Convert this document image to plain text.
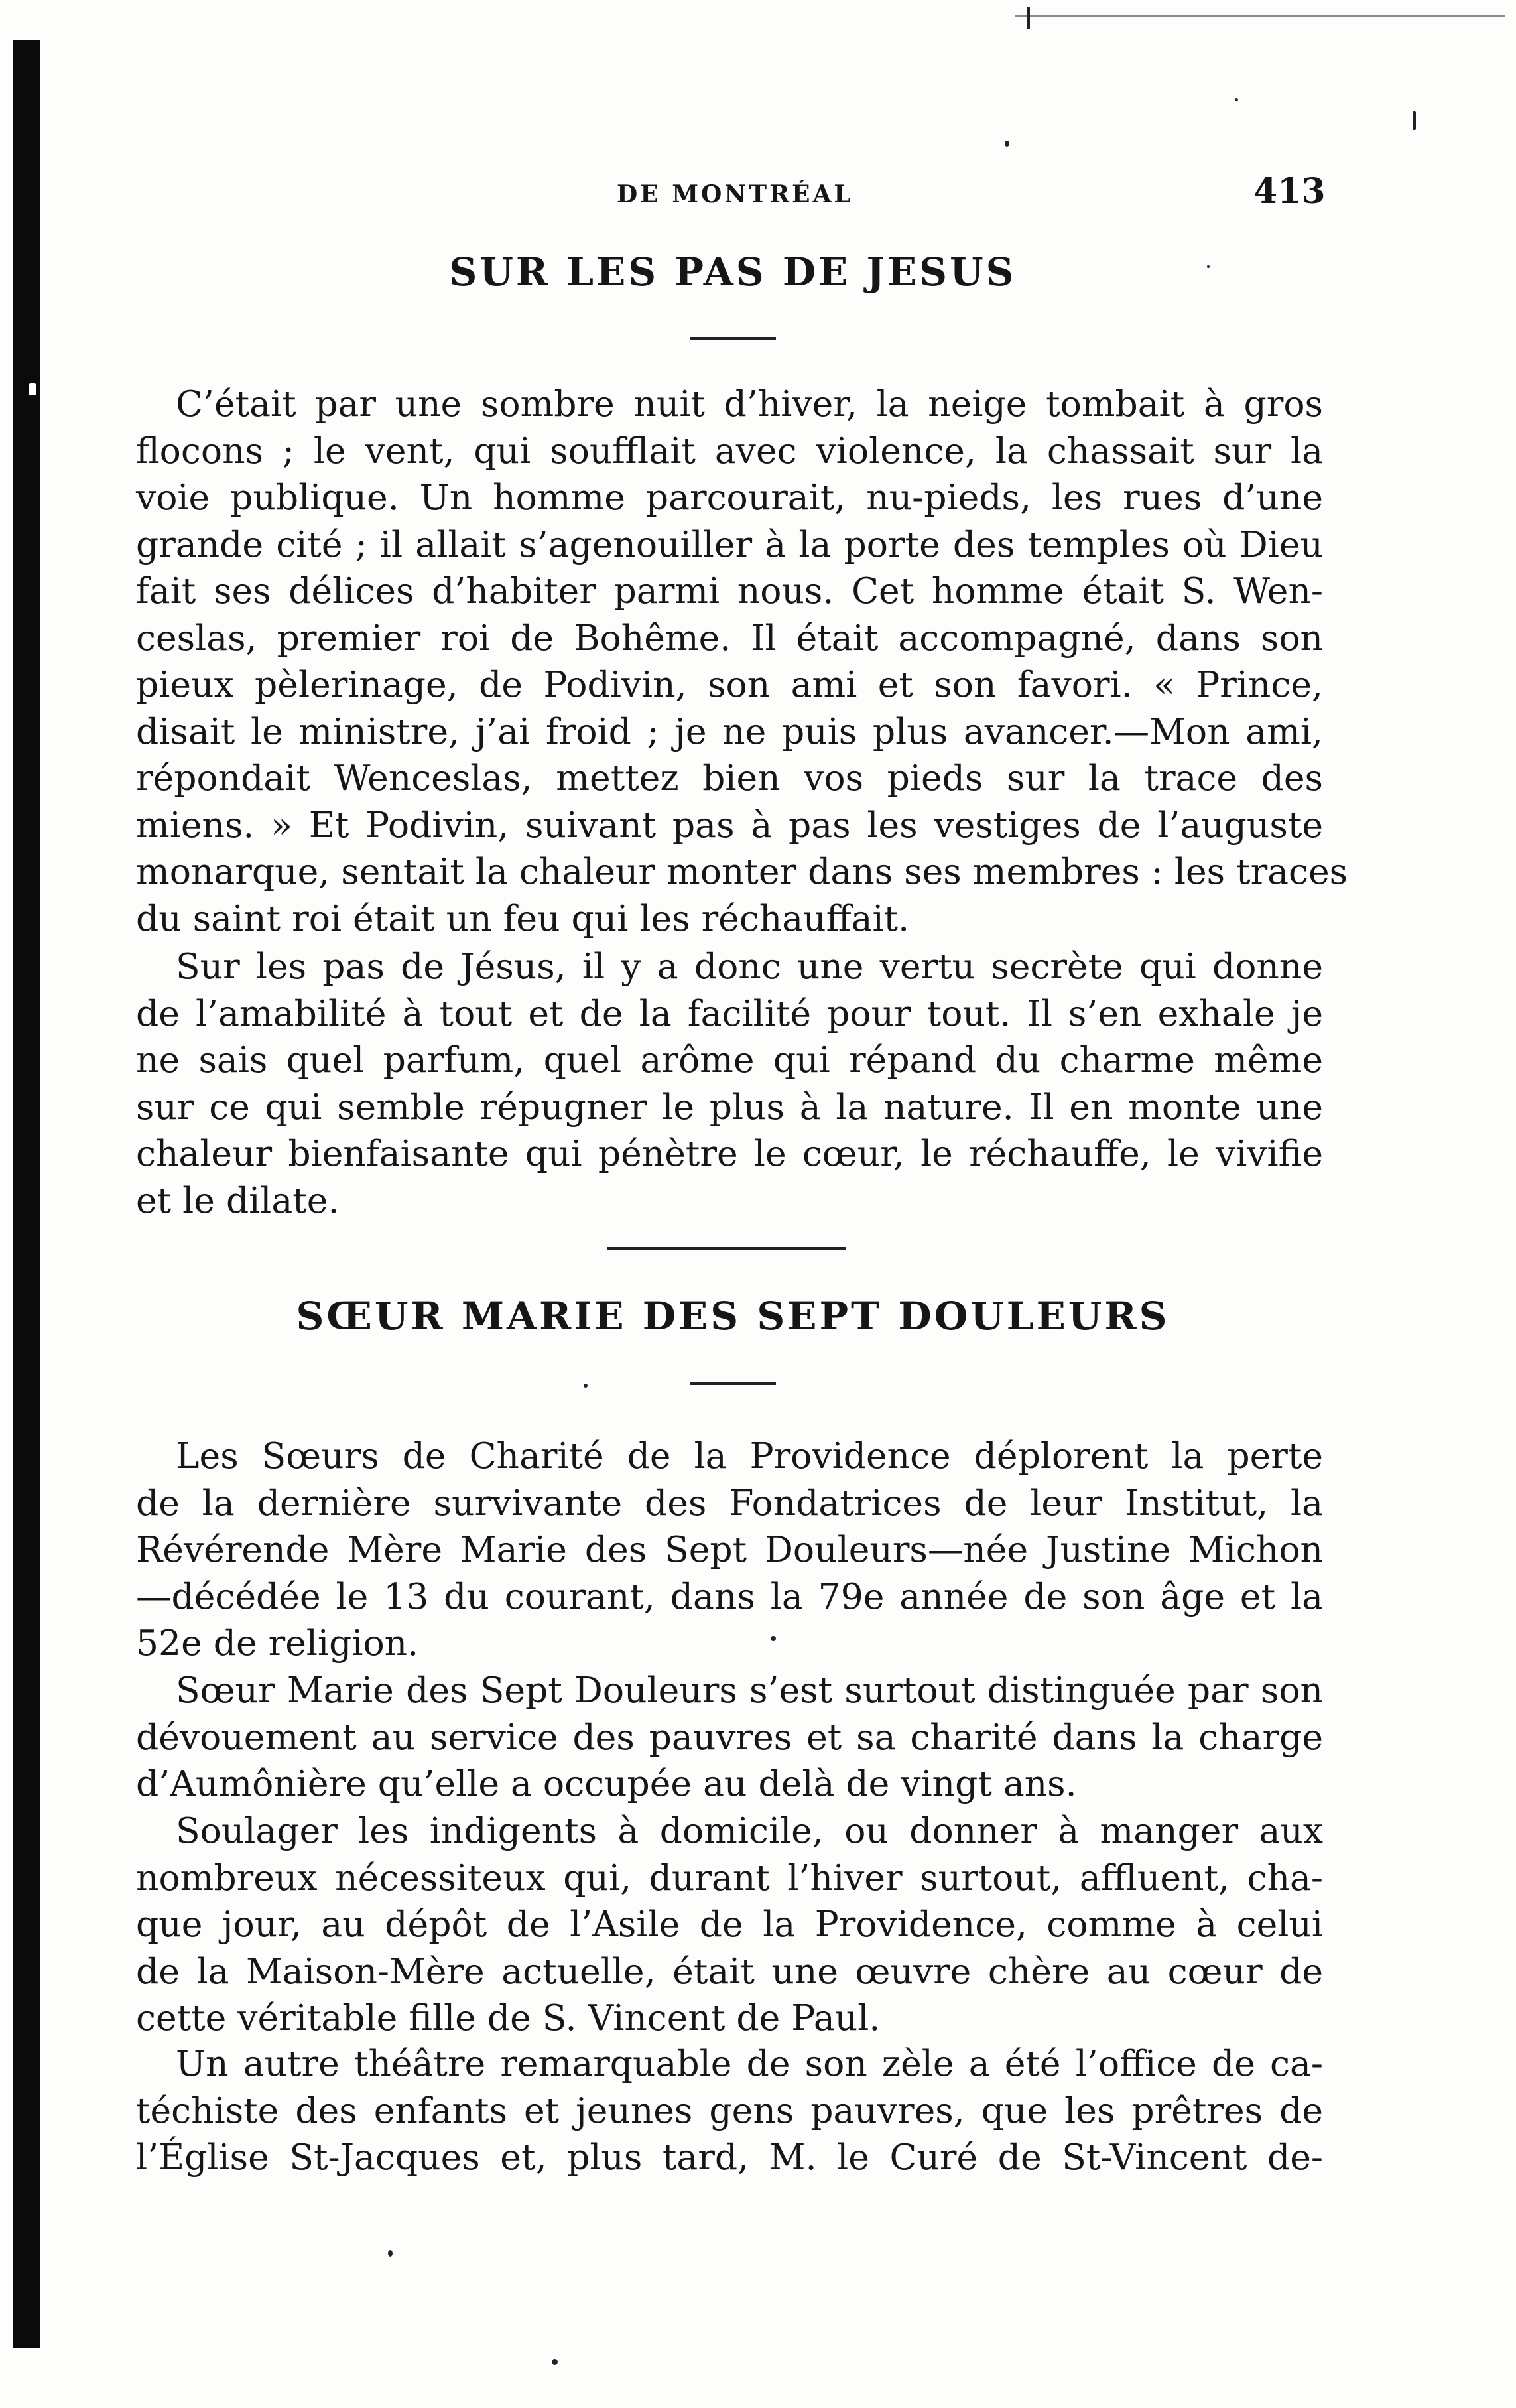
DE MONTRÉAL	413
SUR LES PAS DE JESUS
C’était par une sombre nuit d’hiver, la neige tombait à gros
flocons ; le vent, qui soufflait avec violence, la chassait sur la
voie publique. Un homme parcourait, nu-pieds, les rues d’une
grande cité ; il allait s’agenouiller à la porte des temples où Dieu
fait ses délices d’habiter parmi nous. Cet homme était S. Wen-
ceslas, premier roi de Bohême. Il était accompagné, dans son
pieux pèlerinage, de Podivin, son ami et son favori. « Prince,
disait le ministre, j’ai froid ; je ne puis plus avancer.—Mon ami,
répondait Wenceslas, mettez bien vos pieds sur la trace des
miens. » Et Podivin, suivant pas à pas les vestiges de l’auguste
monarque, sentait la chaleur monter dans ses membres : les traces
du saint roi était un feu qui les réchauffait.
Sur les pas de Jésus, il y a donc une vertu secrète qui donne
de l’amabilité à tout et de la facilité pour tout. Il s’en exhale je
ne sais quel parfum, quel arôme qui répand du charme même
sur ce qui semble répugner le plus à la nature. Il en monte une
chaleur bienfaisante qui pénètre le cœur, le réchauffe, le vivifie
et le dilate.
SŒUR MARIE DES SEPT DOULEURS
Les Sœurs de Charité de la Providence déplorent la perte
de la dernière survivante des Fondatrices de leur Institut, la
Révérende Mère Marie des Sept Douleurs—née Justine Michon
—décédée le 13 du courant, dans la 79e année de son âge et la
52e de religion.
Sœur Marie des Sept Douleurs s’est surtout distinguée par son
dévouement au service des pauvres et sa charité dans la charge
d’Aumônière qu’elle a occupée au delà de vingt ans.
Soulager les indigents à domicile, ou donner à manger aux
nombreux nécessiteux qui, durant l’hiver surtout, affluent, cha-
que jour, au dépôt de l’Asile de la Providence, comme à celui
de la Maison-Mère actuelle, était une œuvre chère au cœur de
cette véritable fille de S. Vincent de Paul.
Un autre théâtre remarquable de son zèle a été l’office de ca-
téchiste des enfants et jeunes gens pauvres, que les prêtres de
l’Église St-Jacques et, plus tard, M. le Curé de St-Vincent de-
